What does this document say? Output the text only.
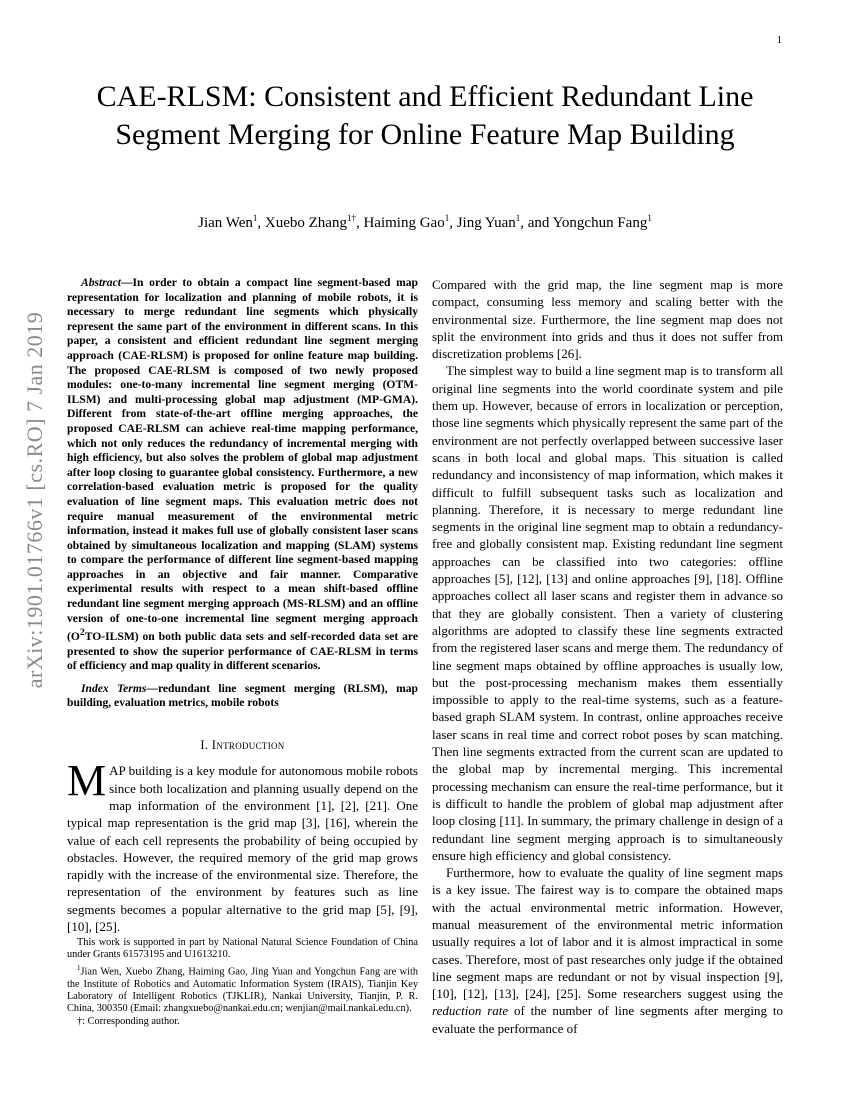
1
CAE-RLSM: Consistent and Efficient Redundant Line Segment Merging for Online Feature Map Building
Jian Wen$^1$, Xuebo Zhang$^{1\dagger}$, Haiming Gao$^1$, Jing Yuan$^1$, and Yongchun Fang$^1$
arXiv:1901.01766v1 [cs.RO] 7 Jan 2019

Abstract—In order to obtain a compact line segment-based map representation for localization and planning of mobile robots, it is necessary to merge redundant line segments which physically represent the same part of the environment in different scans. In this paper, a consistent and efficient redundant line segment merging approach (CAE-RLSM) is proposed for online feature map building. The proposed CAE-RLSM is composed of two newly proposed modules: one-to-many incremental line segment merging (OTM-ILSM) and multi-processing global map adjustment (MP-GMA). Different from state-of-the-art offline merging approaches, the proposed CAE-RLSM can achieve real-time mapping performance, which not only reduces the redundancy of incremental merging with high efficiency, but also solves the problem of global map adjustment after loop closing to guarantee global consistency. Furthermore, a new correlation-based evaluation metric is proposed for the quality evaluation of line segment maps. This evaluation metric does not require manual measurement of the environmental metric information, instead it makes full use of globally consistent laser scans obtained by simultaneous localization and mapping (SLAM) systems to compare the performance of different line segment-based mapping approaches in an objective and fair manner. Comparative experimental results with respect to a mean shift-based offline redundant line segment merging approach (MS-RLSM) and an offline version of one-to-one incremental line segment merging approach $(O^2TO-ILSM)$ on both public data sets and self-recorded data set are presented to show the superior performance of CAE-RLSM in terms of efficiency and map quality in different scenarios.

Index Terms—redundant line segment merging (RLSM), map building, evaluation metrics, mobile robots

I. Introduction

MAP building is a key module for autonomous mobile robots since both localization and planning usually depend on the map information of the environment [1], [2], [21]. One typical map representation is the grid map [3], [16], wherein the value of each cell represents the probability of being occupied by obstacles. However, the required memory of the grid map grows rapidly with the increase of the environmental size. Therefore, the representation of the environment by features such as line segments becomes a popular alternative to the grid map [5], [9], [10], [25].

This work is supported in part by National Natural Science Foundation of China under Grants 61573195 and U1613210.

$^1$Jian Wen, Xuebo Zhang, Haiming Gao, Jing Yuan and Yongchun Fang are with the Institute of Robotics and Automatic Information System (IRAIS), Tianjin Key Laboratory of Intelligent Robotics (TJKLIR), Nankai University, Tianjin, P. R. China, 300350 (Email: zhangxuebo@nankai.edu.cn; wenjian@mail.nankai.edu.cn).

†: Corresponding author.

Compared with the grid map, the line segment map is more compact, consuming less memory and scaling better with the environmental size. Furthermore, the line segment map does not split the environment into grids and thus it does not suffer from discretization problems [26].

The simplest way to build a line segment map is to transform all original line segments into the world coordinate system and pile them up. However, because of errors in localization or perception, those line segments which physically represent the same part of the environment are not perfectly overlapped between successive laser scans in both local and global maps. This situation is called redundancy and inconsistency of map information, which makes it difficult to fulfill subsequent tasks such as localization and planning. Therefore, it is necessary to merge redundant line segments in the original line segment map to obtain a redundancy-free and globally consistent map. Existing redundant line segment approaches can be classified into two categories: offline approaches [5], [12], [13] and online approaches [9], [18]. Offline approaches collect all laser scans and register them in advance so that they are globally consistent. Then a variety of clustering algorithms are adopted to classify these line segments extracted from the registered laser scans and merge them. The redundancy of line segment maps obtained by offline approaches is usually low, but the post-processing mechanism makes them essentially impossible to apply to the real-time systems, such as a feature-based graph SLAM system. In contrast, online approaches receive laser scans in real time and correct robot poses by scan matching. Then line segments extracted from the current scan are updated to the global map by incremental merging. This incremental processing mechanism can ensure the real-time performance, but it is difficult to handle the problem of global map adjustment after loop closing [11]. In summary, the primary challenge in design of a redundant line segment merging approach is to simultaneously ensure high efficiency and global consistency.

Furthermore, how to evaluate the quality of line segment maps is a key issue. The fairest way is to compare the obtained maps with the actual environmental metric information. However, manual measurement of the environmental metric information usually requires a lot of labor and it is almost impractical in some cases. Therefore, most of past researches only judge if the obtained line segment maps are redundant or not by visual inspection [9], [10], [12], [13], [24], [25]. Some researchers suggest using the reduction rate of the number of line segments after merging to evaluate the performance of
